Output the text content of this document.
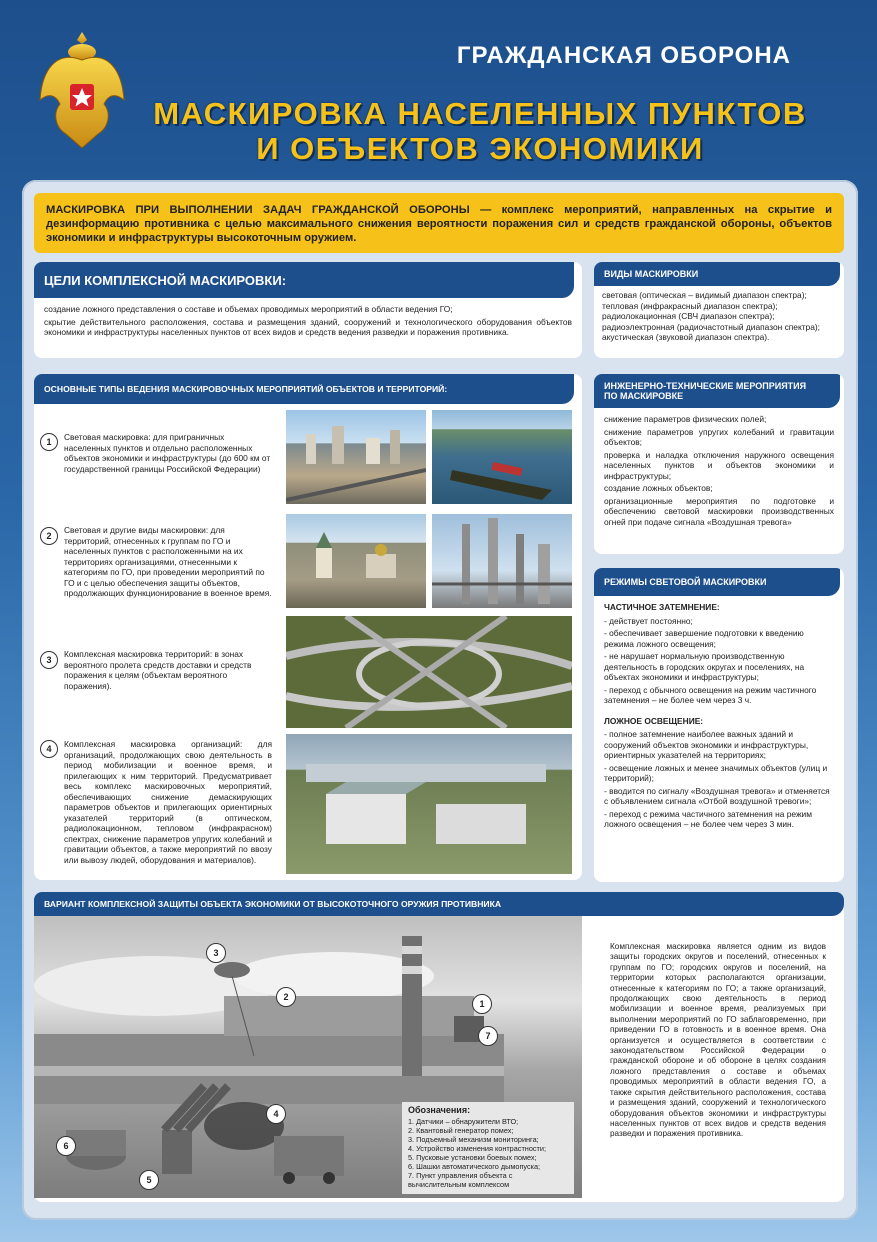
ГРАЖДАНСКАЯ ОБОРОНА
МАСКИРОВКА НАСЕЛЕННЫХ ПУНКТОВ
И ОБЪЕКТОВ ЭКОНОМИКИ
МАСКИРОВКА ПРИ ВЫПОЛНЕНИИ ЗАДАЧ ГРАЖДАНСКОЙ ОБОРОНЫ — комплекс мероприятий, направленных на скрытие и дезинформацию противника с целью максимального снижения вероятности поражения сил и средств гражданской обороны, объектов экономики и инфраструктуры высокоточным оружием.
ЦЕЛИ КОМПЛЕКСНОЙ МАСКИРОВКИ:

создание ложного представления о составе и объемах проводимых мероприятий в области ведения ГО;

скрытие действительного расположения, состава и размещения зданий, сооружений и технологического оборудования объектов экономики и инфраструктуры населенных пунктов от всех видов и средств ведения разведки и поражения противника.

ВИДЫ МАСКИРОВКИ
световая (оптическая – видимый диапазон спектра);
тепловая (инфракрасный диапазон спектра);
радиолокационная (СВЧ диапазон спектра);
радиоэлектронная (радиочастотный диапазон спектра);
акустическая (звуковой диапазон спектра).
ОСНОВНЫЕ ТИПЫ ВЕДЕНИЯ МАСКИРОВОЧНЫХ МЕРОПРИЯТИЙ ОБЪЕКТОВ И ТЕРРИТОРИЙ:
1	Световая маскировка: для приграничных населенных пунктов и отдельно расположенных объектов экономики и инфраструктуры (до 600 км от государственной границы Российской Федерации)
2
Световая и другие виды маскировки: для территорий, отнесенных к группам по ГО и населенных пунктов с расположенными на их территориях организациями, отнесенными к категориям по ГО, при проведении мероприятий по ГО и с целью обеспечения защиты объектов, продолжающих функционирование в военное время.
3
Комплексная маскировка территорий: в зонах вероятного пролета средств доставки и средств поражения к целям (объектам вероятного поражения).
4	Комплексная маскировка организаций: для организаций, продолжающих свою деятельность в период мобилизации и военное время, и прилегающих к ним территорий. Предусматривает весь комплекс маскировочных мероприятий, обеспечивающих снижение демаскирующих параметров объектов и прилегающих ориентирных указателей территорий (в оптическом, радиолокационном, тепловом (инфракрасном) спектрах, снижение параметров упругих колебаний и гравитации объектов, а также мероприятий по ввозу или вывозу людей, оборудования и материалов).
ИНЖЕНЕРНО-ТЕХНИЧЕСКИЕ МЕРОПРИЯТИЯ
ПО МАСКИРОВКЕ

снижение параметров физических полей;

снижение параметров упругих колебаний и гравитации объектов;

проверка и наладка отключения наружного освещения населенных пунктов и объектов экономики и инфраструктуры;

создание ложных объектов;

организационные мероприятия по подготовке и обеспечению световой маскировки производственных огней при подаче сигнала «Воздушная тревога»

РЕЖИМЫ СВЕТОВОЙ МАСКИРОВКИ

ЧАСТИЧНОЕ ЗАТЕМНЕНИЕ:

- действует постоянно;

- обеспечивает завершение подготовки к введению режима ложного освещения;

- не нарушает нормальную производственную деятельность в городских округах и поселениях, на объектах экономики и инфраструктуры;

- переход с обычного освещения на режим частичного затемнения – не более чем через 3 ч.

ЛОЖНОЕ ОСВЕЩЕНИЕ:

- полное затемнение наиболее важных зданий и сооружений объектов экономики и инфраструктуры, ориентирных указателей на территориях;

- освещение ложных и менее значимых объектов (улиц и территорий);

- вводится по сигналу «Воздушная тревога» и отменяется с объявлением сигнала «Отбой воздушной тревоги»;

- переход с режима частичного затемнения на режим ложного освещения – не более чем через 3 мин.

ВАРИАНТ КОМПЛЕКСНОЙ ЗАЩИТЫ ОБЪЕКТА ЭКОНОМИКИ ОТ ВЫСОКОТОЧНОГО ОРУЖИЯ ПРОТИВНИКА
3
2
1
7
4
6
5

Обозначения:

1. Датчики – обнаружители ВТО;

2. Квантовый генератор помех;

3. Подъемный механизм мониторинга;

4. Устройство изменения контрастности;

5. Пусковые установки боевых помех;

6. Шашки автоматического дымопуска;

7. Пункт управления объекта с вычислительным комплексом

Комплексная маскировка является одним из видов защиты городских округов и поселений, отнесенных к группам по ГО; городских округов и поселений, на территории которых располагаются организации, отнесенные к категориям по ГО; а также организаций, продолжающих свою деятельность в период мобилизации и военное время, реализуемых при выполнении мероприятий по ГО заблаговременно, при приведении ГО в готовность и в военное время. Она организуется и осуществляется в соответствии с законодательством Российской Федерации о гражданской обороне и об обороне в целях создания ложного представления о составе и объемах проводимых мероприятий в области ведения ГО, а также скрытия действительного расположения, состава и размещения зданий, сооружений и технологического оборудования объектов экономики и инфраструктуры населенных пунктов от всех видов и средств ведения разведки и поражения противника.
